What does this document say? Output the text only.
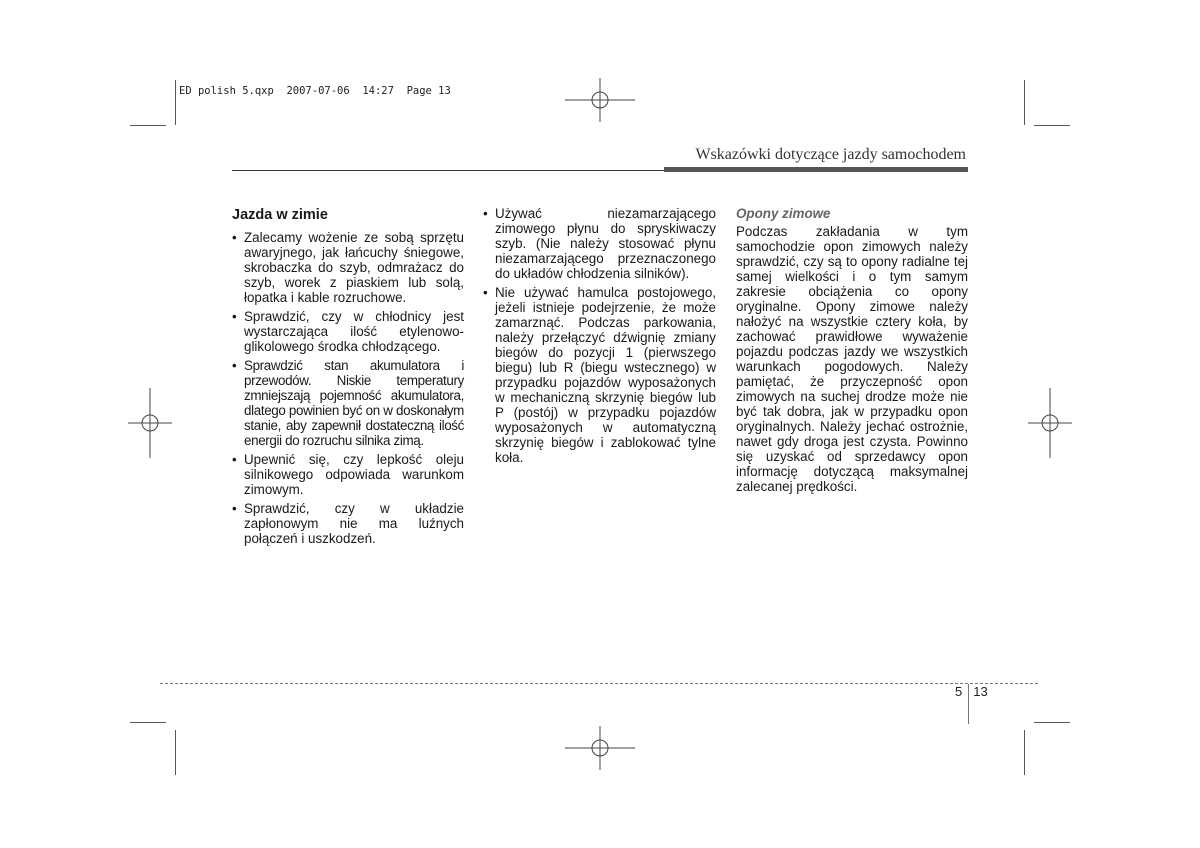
ED polish 5.qxp  2007-07-06  14:27  Page 13
Wskazówki dotyczące jazdy samochodem
Jazda w zimie
• Zalecamy wożenie ze sobą sprzętu awaryjnego, jak łańcuchy śniegowe, skrobaczka do szyb, odmrażacz do szyb, worek z piaskiem lub solą, łopatka i kable rozruchowe.
• Sprawdzić, czy w chłodnicy jest wystarczająca ilość etylenowo-glikolowego środka chłodzącego.
• Sprawdzić stan akumulatora i przewodów. Niskie temperatury zmniejszają pojemność akumulatora, dlatego powinien być on w doskonałym stanie, aby zapewnił dostateczną ilość energii do rozruchu silnika zimą.
• Upewnić się, czy lepkość oleju silnikowego odpowiada warunkom zimowym.
• Sprawdzić, czy w układzie zapłonowym nie ma luźnych połączeń i uszkodzeń.
• Używać niezamarzającego zimowego płynu do spryskiwaczy szyb. (Nie należy stosować płynu niezamarzającego przeznaczonego do układów chłodzenia silników).
• Nie używać hamulca postojowego, jeżeli istnieje podejrzenie, że może zamarznąć. Podczas parkowania, należy przełączyć dźwignię zmiany biegów do pozycji 1 (pierwszego biegu) lub R (biegu wstecznego) w przypadku pojazdów wyposażonych w mechaniczną skrzynię biegów lub P (postój) w przypadku pojazdów wyposażonych w automatyczną skrzynię biegów i zablokować tylne koła.
Opony zimowe

Podczas zakładania w tym samochodzie opon zimowych należy sprawdzić, czy są to opony radialne tej samej wielkości i o tym samym zakresie obciążenia co opony oryginalne. Opony zimowe należy nałożyć na wszystkie cztery koła, by zachować prawidłowe wyważenie pojazdu podczas jazdy we wszystkich warunkach pogodowych. Należy pamiętać, że przyczepność opon zimowych na suchej drodze może nie być tak dobra, jak w przypadku opon oryginalnych. Należy jechać ostrożnie, nawet gdy droga jest czysta. Powinno się uzyskać od sprzedawcy opon informację dotyczącą maksymalnej zalecanej prędkości.

5 13
